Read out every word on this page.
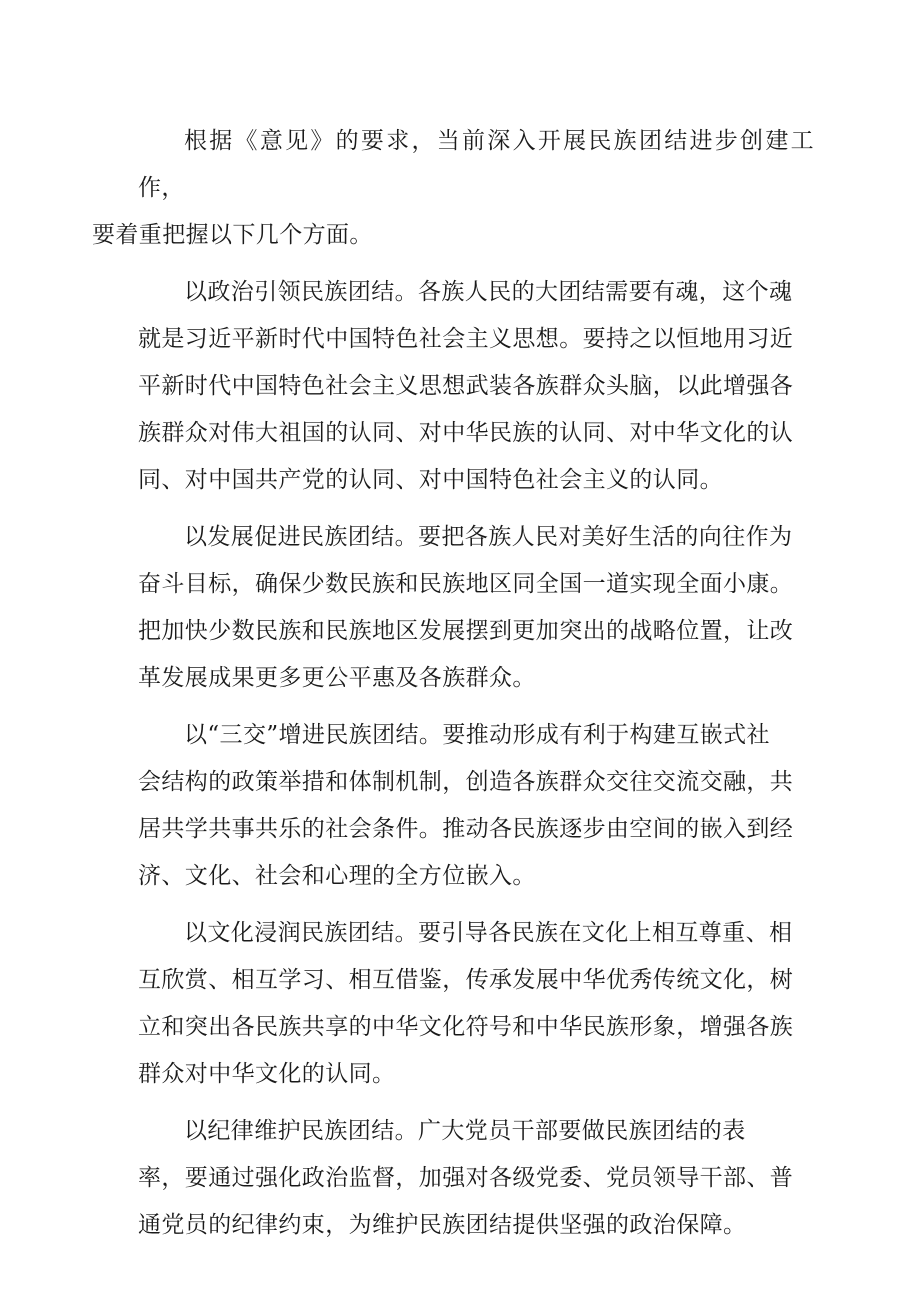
根据《意见》的要求，当前深入开展民族团结进步创建工作，
要着重把握以下几个方面。

以政治引领民族团结。各族人民的大团结需要有魂，这个魂
就是习近平新时代中国特色社会主义思想。要持之以恒地用习近
平新时代中国特色社会主义思想武装各族群众头脑，以此增强各
族群众对伟大祖国的认同、对中华民族的认同、对中华文化的认
同、对中国共产党的认同、对中国特色社会主义的认同。

以发展促进民族团结。要把各族人民对美好生活的向往作为
奋斗目标，确保少数民族和民族地区同全国一道实现全面小康。
把加快少数民族和民族地区发展摆到更加突出的战略位置，让改
革发展成果更多更公平惠及各族群众。

以“三交”增进民族团结。要推动形成有利于构建互嵌式社
会结构的政策举措和体制机制，创造各族群众交往交流交融，共
居共学共事共乐的社会条件。推动各民族逐步由空间的嵌入到经
济、文化、社会和心理的全方位嵌入。

以文化浸润民族团结。要引导各民族在文化上相互尊重、相
互欣赏、相互学习、相互借鉴，传承发展中华优秀传统文化，树
立和突出各民族共享的中华文化符号和中华民族形象，增强各族
群众对中华文化的认同。

以纪律维护民族团结。广大党员干部要做民族团结的表
率，要通过强化政治监督，加强对各级党委、党员领导干部、普
通党员的纪律约束，为维护民族团结提供坚强的政治保障。
